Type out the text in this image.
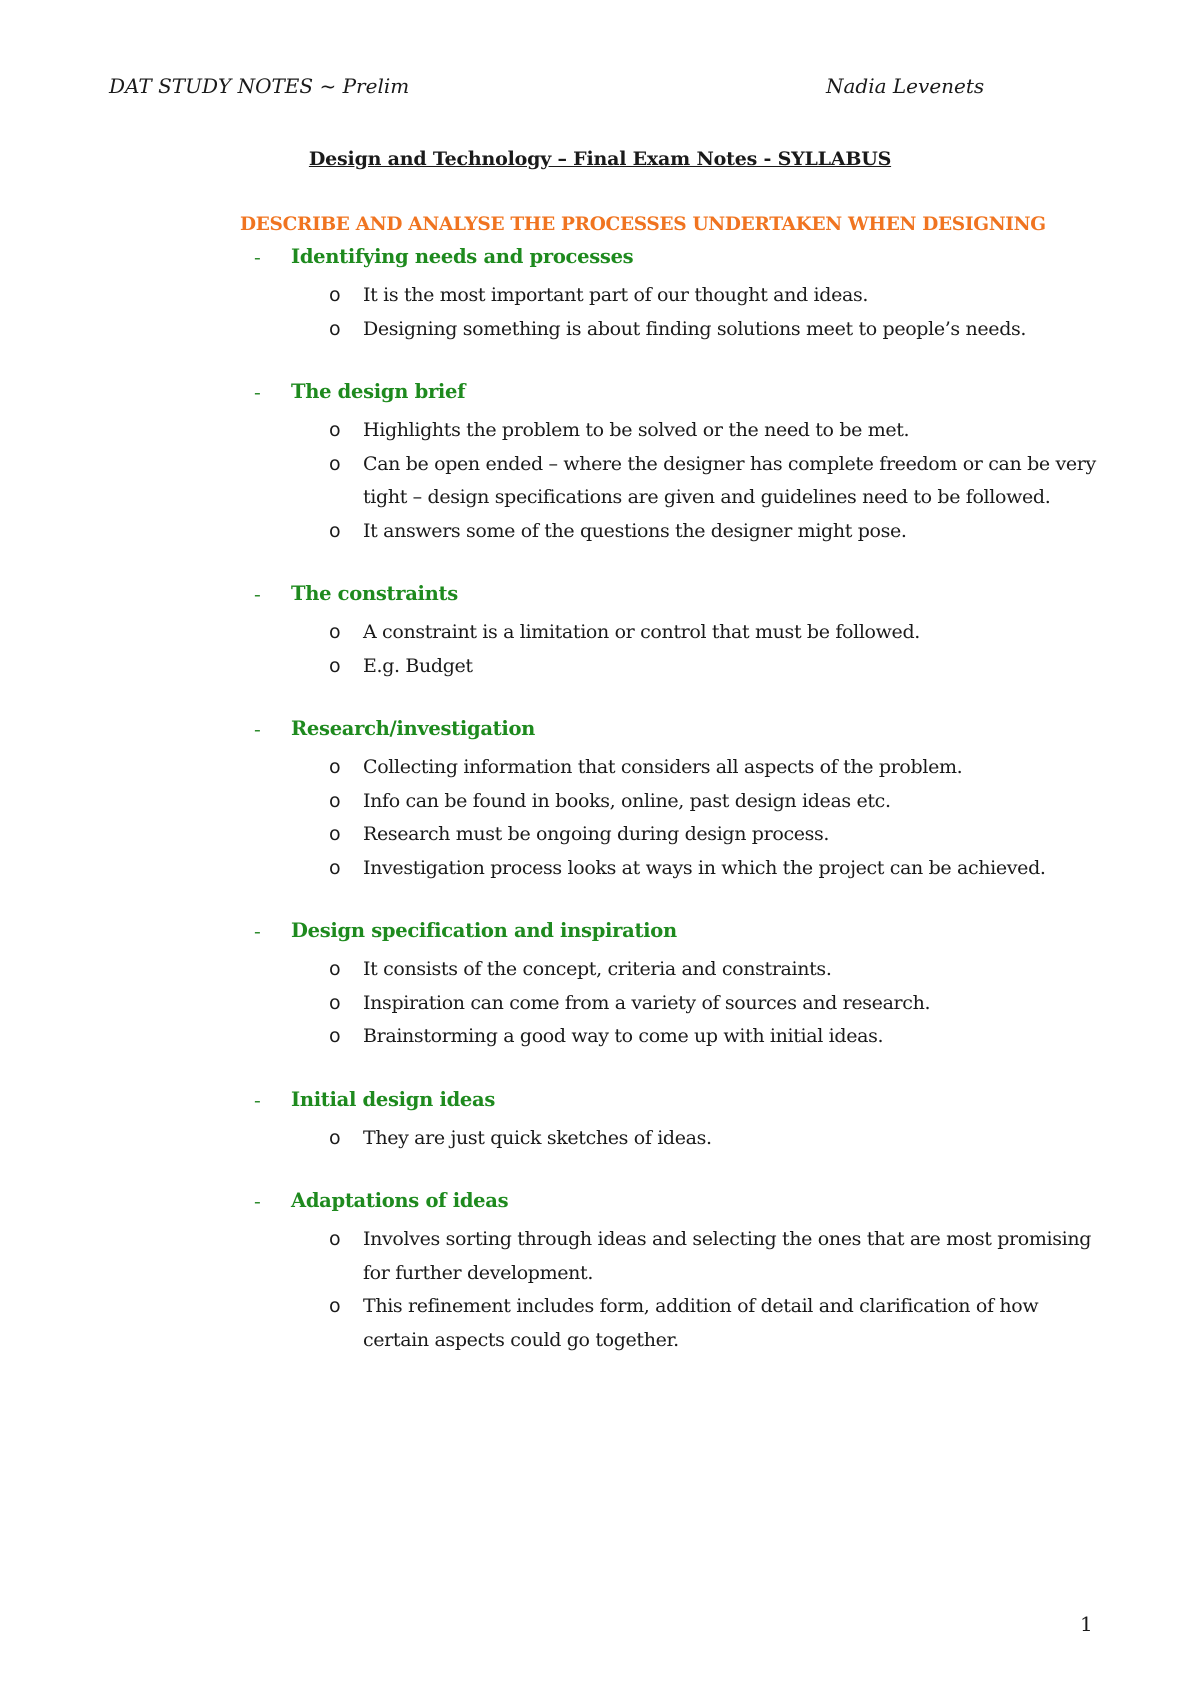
DAT STUDY NOTES ~ Prelim	Nadia Levenets
Design and Technology – Final Exam Notes - SYLLABUS
DESCRIBE AND ANALYSE THE PROCESSES UNDERTAKEN WHEN DESIGNING
- Identifying needs and processes
o It is the most important part of our thought and ideas.
o Designing something is about finding solutions meet to people’s needs.
- The design brief
o Highlights the problem to be solved or the need to be met.
o Can be open ended – where the designer has complete freedom or can be very tight – design specifications are given and guidelines need to be followed.
o It answers some of the questions the designer might pose.
- The constraints
o A constraint is a limitation or control that must be followed.
o E.g. Budget
- Research/investigation
o Collecting information that considers all aspects of the problem.
o Info can be found in books, online, past design ideas etc.
o Research must be ongoing during design process.
o Investigation process looks at ways in which the project can be achieved.
- Design specification and inspiration
o It consists of the concept, criteria and constraints.
o Inspiration can come from a variety of sources and research.
o Brainstorming a good way to come up with initial ideas.
- Initial design ideas
o They are just quick sketches of ideas.
- Adaptations of ideas
o Involves sorting through ideas and selecting the ones that are most promising for further development.
o This refinement includes form, addition of detail and clarification of how certain aspects could go together.
1
